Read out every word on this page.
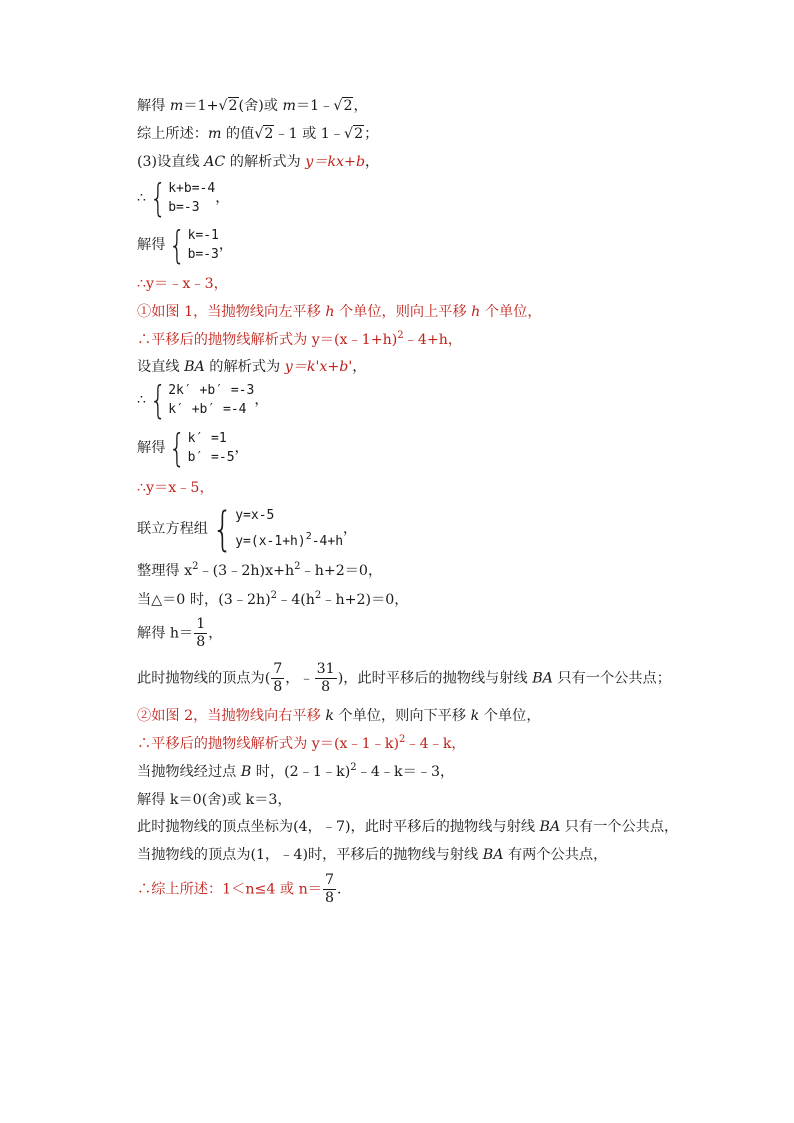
解得 m＝1+√2(舍)或 m＝1﹣√2，
综上所述：m 的值√2﹣1 或 1﹣√2；
(3)设直线 AC 的解析式为 y＝kx+b，
∴ { k+b=-4
b=-3
，
解得 { k=-1
b=-3
，
∴y＝﹣x﹣3，
①如图 1，当抛物线向左平移 h 个单位，则向上平移 h 个单位，
∴平移后的抛物线解析式为 y＝(x﹣1+h)$^2$﹣4+h，
设直线 BA 的解析式为 y＝k'x+b'，
∴ { 2k′ +b′ =-3
k′ +b′ =-4
，
解得 { k′ =1
b′ =-5
，
∴y＝x﹣5，
联立方程组 { y=x-5
$y=(x-1+h)^2-4+h$
，
整理得 $x^2﹣(3﹣2h)x+h^2﹣h+2=0$，
当△＝0 时，$(3﹣2h)^2﹣4(h^2﹣h+2)=0$，
解得 $h= \frac{1}{8}$ ，
此时抛物线的顶点为( $\frac{7}{8}$ ，﹣ $\frac{31}{8}$ )，此时平移后的抛物线与射线 BA 只有一个公共点；
②如图 2，当抛物线向右平移 k 个单位，则向下平移 k 个单位，
∴平移后的抛物线解析式为 y＝(x﹣1﹣k)$^2$﹣4﹣k，
当抛物线经过点 B 时，(2﹣1﹣k)$^2$﹣4﹣k＝﹣3，
解得 k＝0(舍)或 k＝3，
此时抛物线的顶点坐标为(4，﹣7)，此时平移后的抛物线与射线 BA 只有一个公共点，
当抛物线的顶点为(1，﹣4)时，平移后的抛物线与射线 BA 有两个公共点，
∴综上所述：1＜n≤4 或 $n= \frac{7}{8}$ ．
